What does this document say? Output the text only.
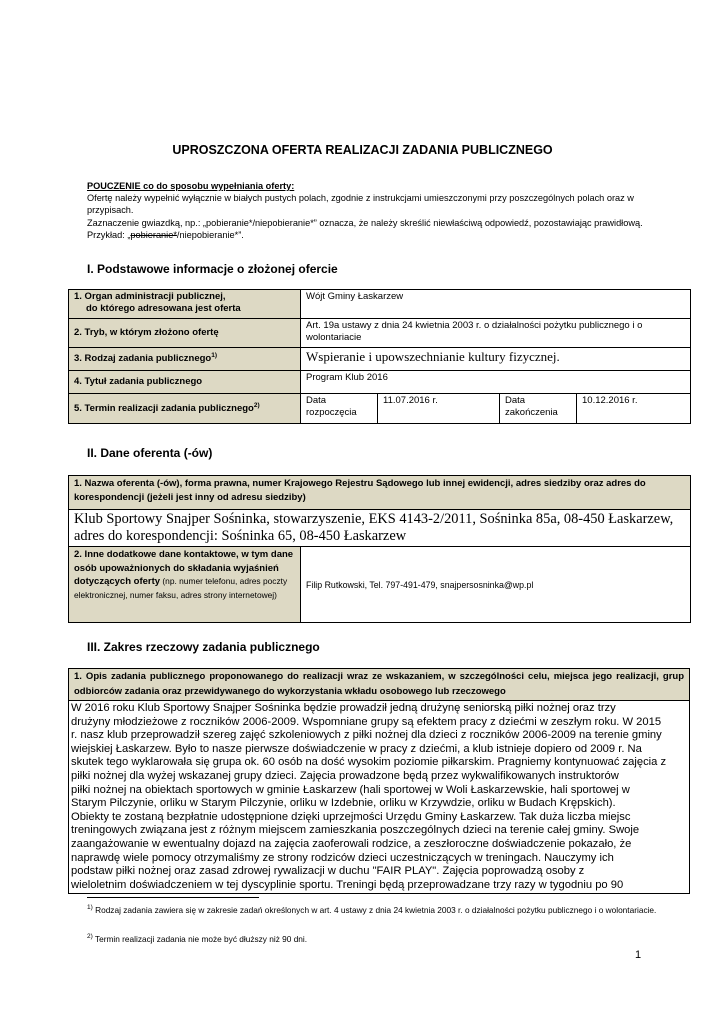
UPROSZCZONA OFERTA REALIZACJI ZADANIA PUBLICZNEGO
POUCZENIE co do sposobu wypełniania oferty:
Ofertę należy wypełnić wyłącznie w białych pustych polach, zgodnie z instrukcjami umieszczonymi przy poszczególnych polach oraz w przypisach.
Zaznaczenie gwiazdką, np.: „pobieranie*/niepobieranie*” oznacza, że należy skreślić niewłaściwą odpowiedź, pozostawiając prawidłową. Przykład: „pobieranie*/niepobieranie*”.
I. Podstawowe informacje o złożonej ofercie
1. Organ administracji publicznej,
do którego adresowana jest oferta	Wójt Gminy Łaskarzew			
2. Tryb, w którym złożono ofertę	Art. 19a ustawy z dnia 24 kwietnia 2003 r. o działalności pożytku publicznego i o wolontariacie			
3. Rodzaj zadania publicznego$^{1)}$	Wspieranie i upowszechnianie kultury fizycznej.			
4. Tytuł zadania publicznego	Program Klub 2016			
5. Termin realizacji zadania publicznego$^{2)}$	Data rozpoczęcia	11.07.2016 r.	Data zakończenia	10.12.2016 r.
II. Dane oferenta (-ów)
1. Nazwa oferenta (-ów), forma prawna, numer Krajowego Rejestru Sądowego lub innej ewidencji, adres siedziby oraz adres do korespondencji (jeżeli jest inny od adresu siedziby)
Klub Sportowy Snajper Sośninka, stowarzyszenie, EKS 4143-2/2011, Sośninka 85a, 08-450 Łaskarzew, adres do korespondencji: Sośninka 65, 08-450 Łaskarzew
2. Inne dodatkowe dane kontaktowe, w tym dane osób upoważnionych do składania wyjaśnień dotyczących oferty (np. numer telefonu, adres poczty elektronicznej, numer faksu, adres strony internetowej)	Filip Rutkowski, Tel. 797-491-479, snajpersosninka@wp.pl
III. Zakres rzeczowy zadania publicznego
1. Opis zadania publicznego proponowanego do realizacji wraz ze wskazaniem, w szczególności celu, miejsca jego realizacji, grup odbiorców zadania oraz przewidywanego do wykorzystania wkładu osobowego lub rzeczowego
W 2016 roku Klub Sportowy Snajper Sośninka będzie prowadził jedną drużynę seniorską piłki nożnej oraz trzy
drużyny młodzieżowe z roczników 2006-2009. Wspomniane grupy są efektem pracy z dziećmi w zeszłym roku. W 2015
r. nasz klub przeprowadził szereg zajęć szkoleniowych z piłki nożnej dla dzieci z roczników 2006-2009 na terenie gminy
wiejskiej Łaskarzew. Było to nasze pierwsze doświadczenie w pracy z dziećmi, a klub istnieje dopiero od 2009 r. Na
skutek tego wyklarowała się grupa ok. 60 osób na dość wysokim poziomie piłkarskim. Pragniemy kontynuować zajęcia z
piłki nożnej dla wyżej wskazanej grupy dzieci. Zajęcia prowadzone będą przez wykwalifikowanych instruktorów
piłki nożnej na obiektach sportowych w gminie Łaskarzew (hali sportowej w Woli Łaskarzewskie, hali sportowej w
Starym Pilczynie, orliku w Starym Pilczynie, orliku w Izdebnie, orliku w Krzywdzie, orliku w Budach Krępskich).
Obiekty te zostaną bezpłatnie udostępnione dzięki uprzejmości Urzędu Gminy Łaskarzew. Tak duża liczba miejsc
treningowych związana jest z różnym miejscem zamieszkania poszczególnych dzieci na terenie całej gminy. Swoje
zaangażowanie w ewentualny dojazd na zajęcia zaoferowali rodzice, a zeszłoroczne doświadczenie pokazało, że
naprawdę wiele pomocy otrzymaliśmy ze strony rodziców dzieci uczestniczących w treningach. Nauczymy ich
podstaw piłki nożnej oraz zasad zdrowej rywalizacji w duchu "FAIR PLAY". Zajęcia poprowadzą osoby z
wieloletnim doświadczeniem w tej dyscyplinie sportu. Treningi będą przeprowadzane trzy razy w tygodniu po 90
$^{1)}$ Rodzaj zadania zawiera się w zakresie zadań określonych w art. 4 ustawy z dnia 24 kwietnia 2003 r. o działalności pożytku publicznego i o wolontariacie.
$^{2)}$ Termin realizacji zadania nie może być dłuższy niż 90 dni.
1
